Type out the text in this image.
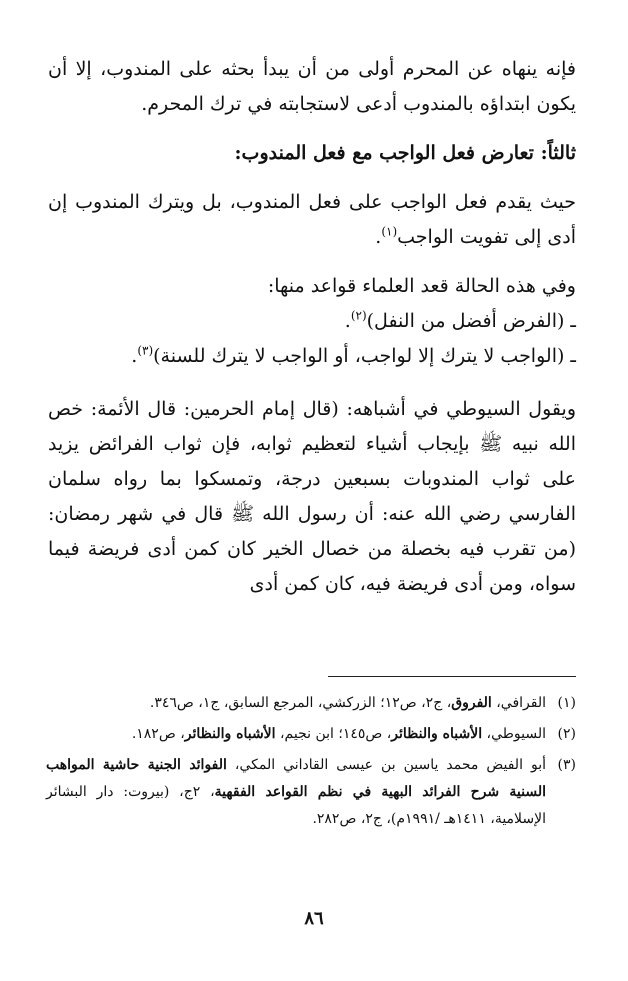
فإنه ينهاه عن المحرم أولى من أن يبدأ بحثه على المندوب، إلا أن يكون ابتداؤه بالمندوب أدعى لاستجابته في ترك المحرم.

ثالثاً: تعارض فعل الواجب مع فعل المندوب:

حيث يقدم فعل الواجب على فعل المندوب، بل ويترك المندوب إن أدى إلى تفويت الواجب$^{(١)}$.

وفي هذه الحالة قعد العلماء قواعد منها:

ـ (الفرض أفضل من النفل)$^{(٢)}$.

ـ (الواجب لا يترك إلا لواجب، أو الواجب لا يترك للسنة)$^{(٣)}$.

ويقول السيوطي في أشباهه: (قال إمام الحرمين: قال الأئمة: خص الله نبيه ﷺ بإيجاب أشياء لتعظيم ثوابه، فإن ثواب الفرائض يزيد على ثواب المندوبات بسبعين درجة، وتمسكوا بما رواه سلمان الفارسي رضي الله عنه: أن رسول الله ﷺ قال في شهر رمضان: (من تقرب فيه بخصلة من خصال الخير كان كمن أدى فريضة فيما سواه، ومن أدى فريضة فيه، كان كمن أدى

(١)
القرافي، الفروق، ج٢، ص١٢؛ الزركشي، المرجع السابق، ج١، ص٣٤٦.
(٢)
السيوطي، الأشباه والنظائر، ص١٤٥؛ ابن نجيم، الأشباه والنظائر، ص١٨٢.
(٣)
أبو الفيض محمد ياسين بن عيسى القاداني المكي، الفوائد الجنية حاشية المواهب السنية شرح الفرائد البهية في نظم القواعد الفقهية، ٢ج، (بيروت: دار البشائر الإسلامية، ١٤١١هـ /١٩٩١م)، ج٢، ص٢٨٢.
٨٦
